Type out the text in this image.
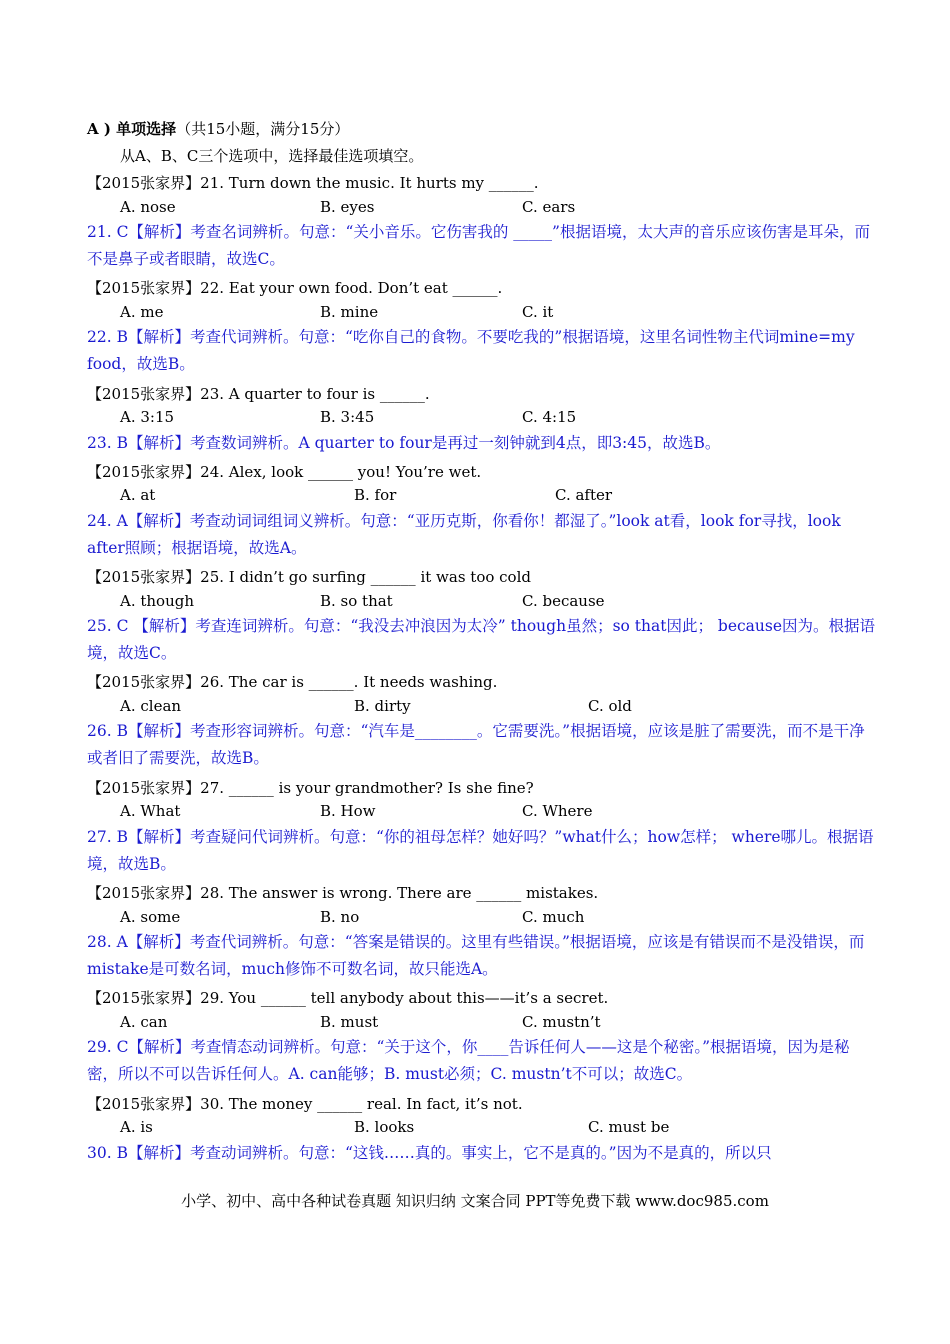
A ) 单项选择（共15小题，满分15分）
从A、B、C三个选项中，选择最佳选项填空。
【2015张家界】21. Turn down the music. It hurts my ______.
A. nose	B. eyes	C. ears
21. C【解析】考查名词辨析。句意：“关小音乐。它伤害我的 _____”根据语境，太大声的音乐应该伤害是耳朵，而不是鼻子或者眼睛，故选C。
【2015张家界】22. Eat your own food. Don’t eat ______.
A. me	B. mine	C. it
22. B【解析】考查代词辨析。句意：“吃你自己的食物。不要吃我的”根据语境，这里名词性物主代词mine=my food，故选B。
【2015张家界】23. A quarter to four is ______.
A. 3:15	B. 3:45	C. 4:15
23. B【解析】考查数词辨析。A quarter to four是再过一刻钟就到4点，即3:45，故选B。
【2015张家界】24. Alex, look ______ you! You’re wet.
A. at	B. for	C. after
24. A【解析】考查动词词组词义辨析。句意：“亚历克斯，你看你！都湿了。”look at看，look for寻找，look after照顾；根据语境，故选A。
【2015张家界】25. I didn’t go surfing ______ it was too cold
A. though	B. so that	C. because
25. C 【解析】考查连词辨析。句意：“我没去冲浪因为太冷” though虽然；so that因此； because因为。根据语境，故选C。
【2015张家界】26. The car is ______. It needs washing.
A. clean	B. dirty	C. old
26. B【解析】考查形容词辨析。句意：“汽车是________。它需要洗。”根据语境，应该是脏了需要洗，而不是干净或者旧了需要洗，故选B。
【2015张家界】27. ______ is your grandmother? Is she fine?
A. What	B. How	C. Where
27. B【解析】考查疑问代词辨析。句意：“你的祖母怎样？她好吗？”what什么；how怎样； where哪儿。根据语境，故选B。
【2015张家界】28. The answer is wrong. There are ______ mistakes.
A. some	B. no	C. much
28. A【解析】考查代词辨析。句意：“答案是错误的。这里有些错误。”根据语境，应该是有错误而不是没错误，而mistake是可数名词，much修饰不可数名词，故只能选A。
【2015张家界】29. You ______ tell anybody about this——it’s a secret.
A. can	B. must	C. mustn’t
29. C【解析】考查情态动词辨析。句意：“关于这个，你____告诉任何人——这是个秘密。”根据语境，因为是秘密，所以不可以告诉任何人。A. can能够；B. must必须；C. mustn’t不可以；故选C。
【2015张家界】30. The money ______ real. In fact, it’s not.
A. is	B. looks	C. must be
30. B【解析】考查动词辨析。句意：“这钱……真的。事实上，它不是真的。”因为不是真的，所以只
小学、初中、高中各种试卷真题 知识归纳 文案合同 PPT等免费下载 www.doc985.com
